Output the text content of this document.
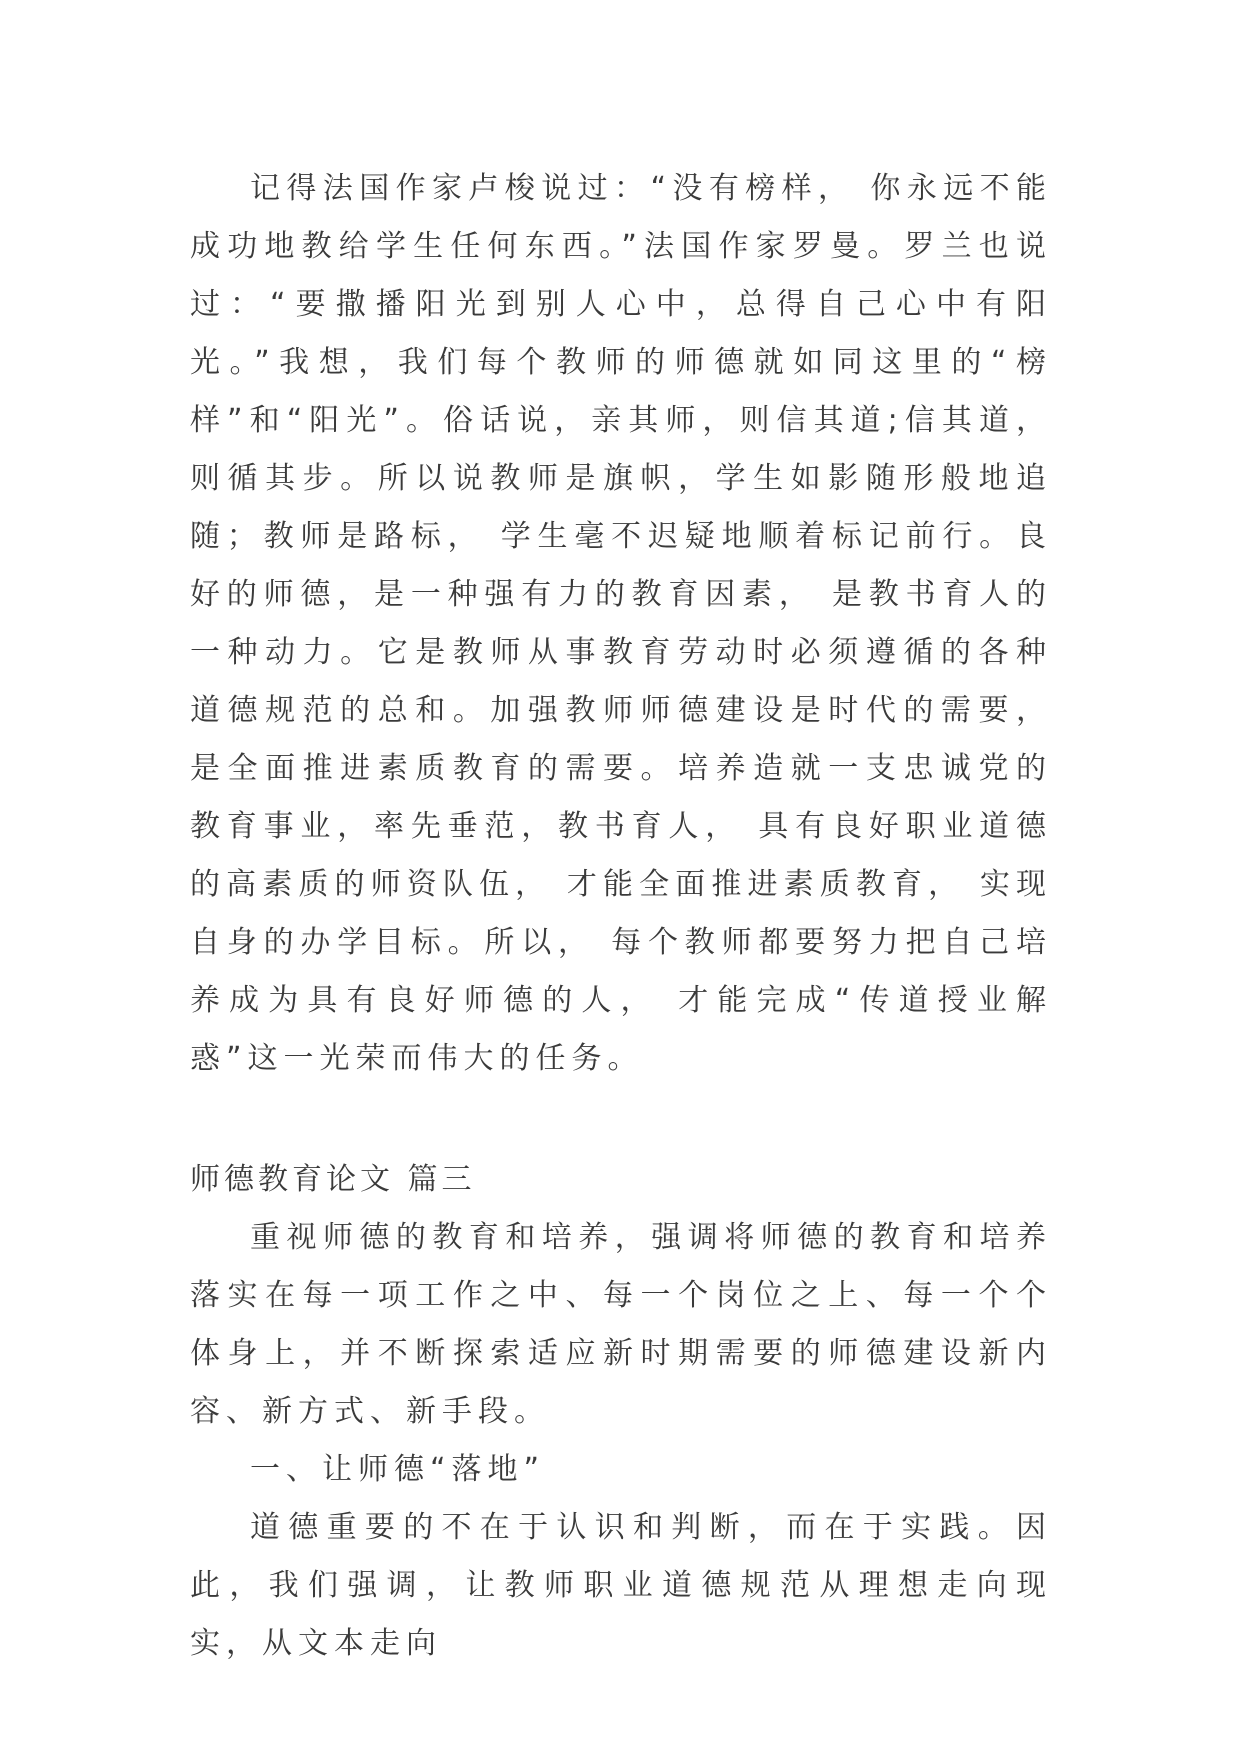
记得法国作家卢梭说过：“没有榜样， 你永远不能成功地教给学生任何东西。”法国作家罗曼。罗兰也说过：“要撒播阳光到别人心中，总得自己心中有阳光。”我想，我们每个教师的师德就如同这里的“榜样”和“阳光”。俗话说，亲其师，则信其道;信其道，则循其步。所以说教师是旗帜，学生如影随形般地追随；教师是路标， 学生毫不迟疑地顺着标记前行。良好的师德，是一种强有力的教育因素， 是教书育人的一种动力。它是教师从事教育劳动时必须遵循的各种道德规范的总和。加强教师师德建设是时代的需要，是全面推进素质教育的需要。培养造就一支忠诚党的教育事业，率先垂范，教书育人， 具有良好职业道德的高素质的师资队伍， 才能全面推进素质教育， 实现自身的办学目标。所以， 每个教师都要努力把自己培养成为具有良好师德的人， 才能完成“传道授业解惑”这一光荣而伟大的任务。

师德教育论文 篇三

重视师德的教育和培养，强调将师德的教育和培养落实在每一项工作之中、每一个岗位之上、每一个个体身上，并不断探索适应新时期需要的师德建设新内容、新方式、新手段。

一、让师德“落地”

道德重要的不在于认识和判断，而在于实践。因此，我们强调，让教师职业道德规范从理想走向现实，从文本走向
